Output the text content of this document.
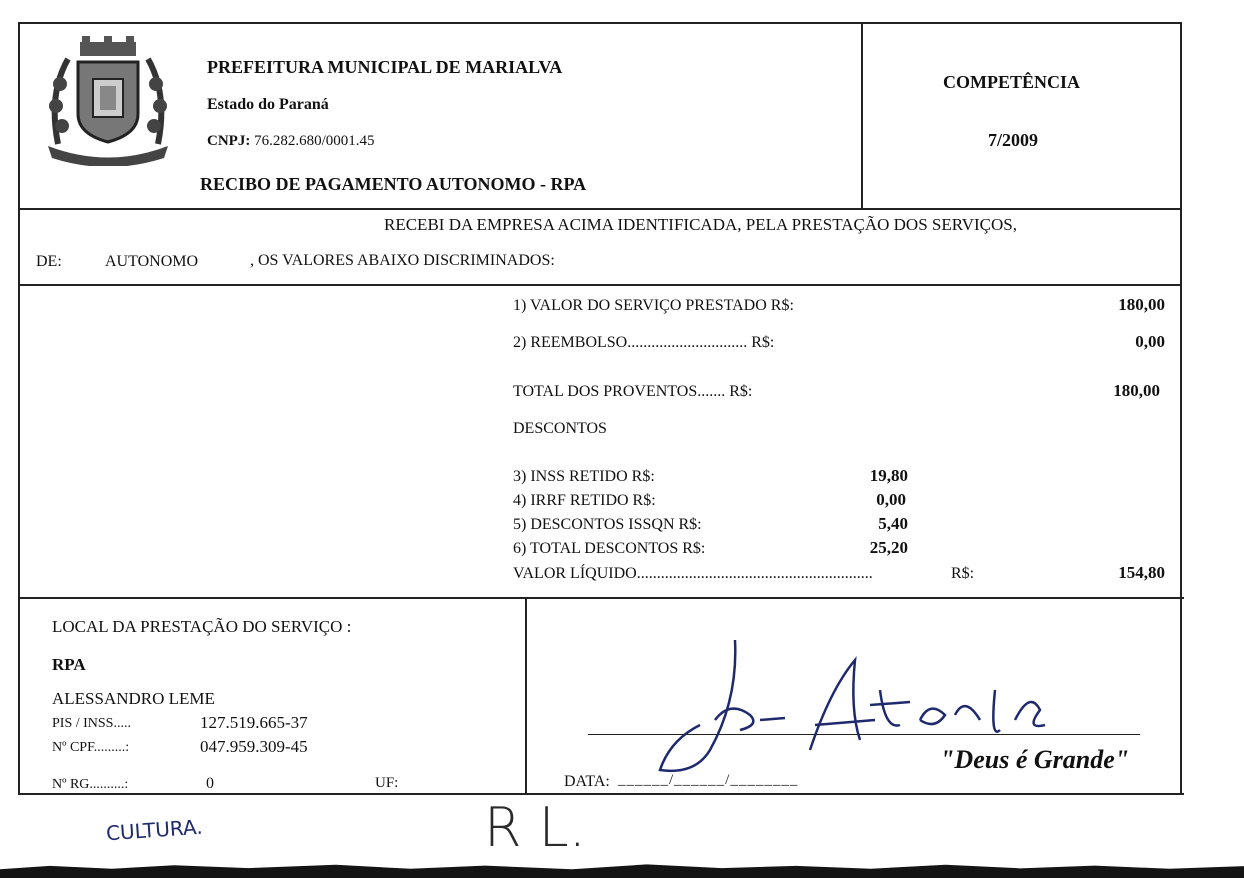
PREFEITURA MUNICIPAL DE MARIALVA
Estado do Paraná
CNPJ: 76.282.680/0001.45
RECIBO DE PAGAMENTO AUTONOMO - RPA
COMPETÊNCIA
7/2009
RECEBI DA EMPRESA ACIMA IDENTIFICADA, PELA PRESTAÇÃO DOS SERVIÇOS,
DE:	AUTONOMO	, OS VALORES ABAIXO DISCRIMINADOS:
1) VALOR DO SERVIÇO PRESTADO R$:	180,00
2) REEMBOLSO.............................. R$:	0,00
TOTAL DOS PROVENTOS....... R$:	180,00
DESCONTOS
3) INSS RETIDO R$:	19,80
4) IRRF RETIDO R$:	0,00
5) DESCONTOS ISSQN R$:	5,40
6) TOTAL DESCONTOS R$:	25,20
VALOR LÍQUIDO...........................................................	R$:	154,80
LOCAL DA PRESTAÇÃO DO SERVIÇO :
RPA
ALESSANDRO LEME
PIS / INSS.....	127.519.665-37
Nº CPF.........:	047.959.309-45
Nº RG..........:	0	UF:
"Deus é Grande"
DATA: ______/______/________
CULTURA.	R L.
